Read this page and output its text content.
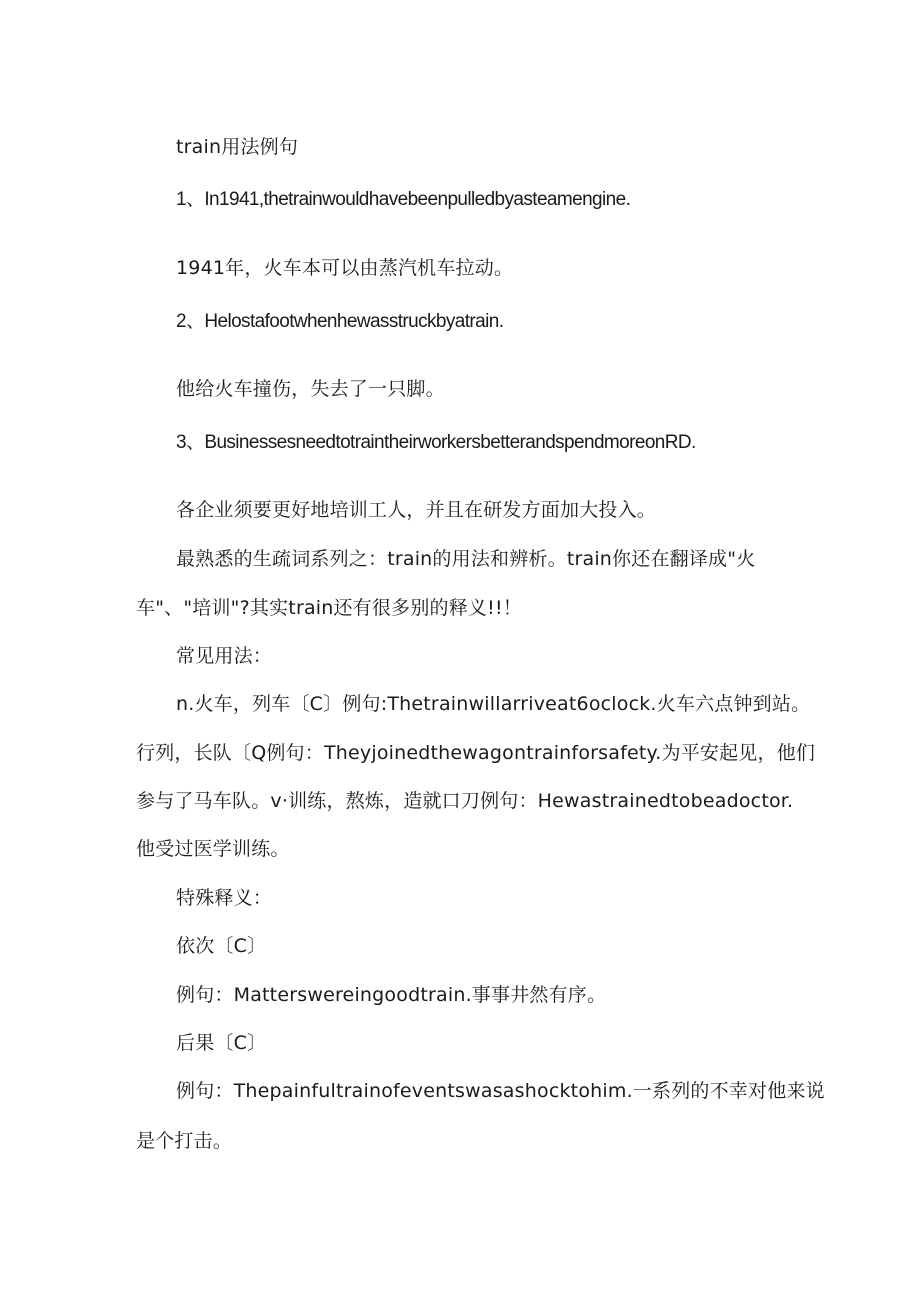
train用法例句
1、In1941,thetrainwouldhavebeenpulledbyasteamengine.
1941年，火车本可以由蒸汽机车拉动。
2、Helostafootwhenhewasstruckbyatrain.
他给火车撞伤，失去了一只脚。
3、BusinessesneedtotraintheirworkersbetterandspendmoreonRD.
各企业须要更好地培训工人，并且在研发方面加大投入。
最熟悉的生疏词系列之：train的用法和辨析。train你还在翻译成"火
车"、"培训"?其实train还有很多别的释义!!！
常见用法：
n.火车，列车〔C〕例句:Thetrainwillarriveat6oclock.火车六点钟到站。
行列，长队〔Q例句：Theyjoinedthewagontrainforsafety.为平安起见，他们
参与了马车队。v·训练，熬炼，造就口刀例句：Hewastrainedtobeadoctor.
他受过医学训练。
特殊释义：
依次〔C〕
例句：Matterswereingoodtrain.事事井然有序。
后果〔C〕
例句：Thepainfultrainofeventswasashocktohim.一系列的不幸对他来说
是个打击。
